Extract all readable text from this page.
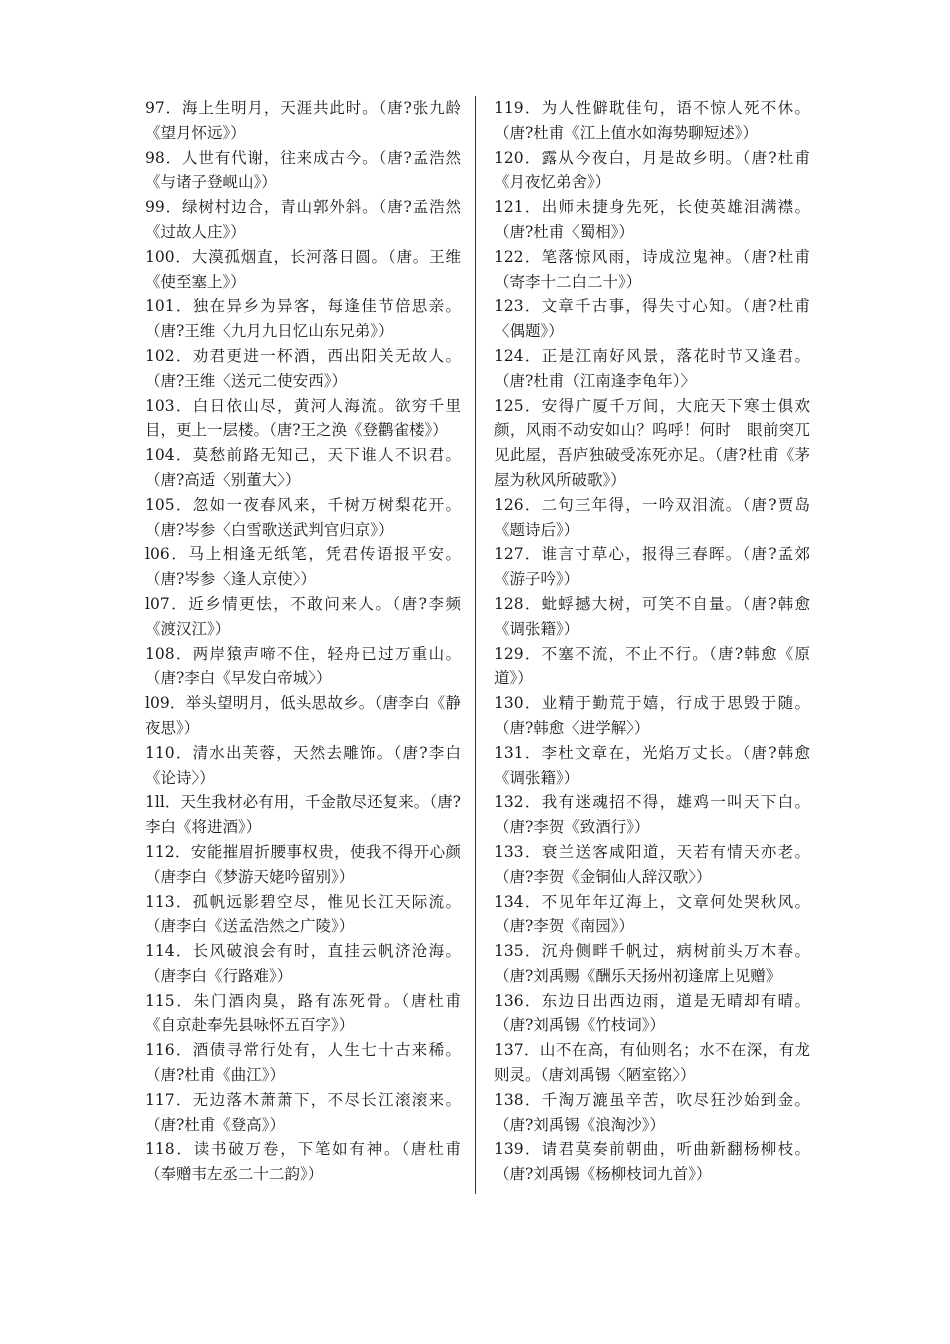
97．海上生明月，天涯共此时。（唐?张九龄《望月怀远》）

98．人世有代谢，往来成古今。（唐?孟浩然《与诸子登岘山》）

99．绿树村边合，青山郭外斜。（唐?孟浩然《过故人庄》）

100．大漠孤烟直，长河落日圆。（唐。王维《使至塞上》）

101．独在异乡为异客，每逢佳节倍思亲。（唐?王维〈九月九日忆山东兄弟》）

102．劝君更进一杯酒，西出阳关无故人。（唐?王维〈送元二使安西》）

103．白日依山尽，黄河人海流。欲穷千里目，更上一层楼。（唐?王之涣《登鹳雀楼》）

104．莫愁前路无知己，天下谁人不识君。（唐?高适〈别董大〉）

105．忽如一夜春风来，千树万树梨花开。（唐?岑参〈白雪歌送武判官归京》）

l06．马上相逢无纸笔，凭君传语报平安。（唐?岑参〈逢人京使〉）

l07．近乡情更怯，不敢问来人。（唐?李频《渡汉江》）

108．两岸猿声啼不住，轻舟已过万重山。（唐?李白《早发白帝城〉）

l09．举头望明月，低头思故乡。（唐李白《静夜思》）

110．清水出芙蓉，天然去雕饰。（唐?李白《论诗〉）

1ll．天生我材必有用，千金散尽还复来。（唐?李白《将进酒》）

112．安能摧眉折腰事权贵，使我不得开心颜（唐李白《梦游天姥吟留别》）

113．孤帆远影碧空尽，惟见长江天际流。（唐李白《送孟浩然之广陵》）

114．长风破浪会有时，直挂云帆济沧海。（唐李白《行路难》）

115．朱门酒肉臭，路有冻死骨。（唐杜甫《自京赴奉先县咏怀五百字》）

116．酒债寻常行处有，人生七十古来稀。（唐?杜甫《曲江》）

117．无边落木萧萧下，不尽长江滚滚来。（唐?杜甫《登高》）

118．读书破万卷，下笔如有神。（唐杜甫（奉赠韦左丞二十二韵》）

119．为人性僻耽佳句，语不惊人死不休。（唐?杜甫《江上值水如海势聊短述》）

120．露从今夜白，月是故乡明。（唐?杜甫《月夜忆弟舍》）

121．出师未捷身先死，长使英雄泪满襟。（唐?杜甫〈蜀相》）

122．笔落惊风雨，诗成泣鬼神。（唐?杜甫（寄李十二白二十》）

123．文章千古事，得失寸心知。（唐?杜甫〈偶题》）

124．正是江南好风景，落花时节又逢君。（唐?杜甫（江南逢李龟年）〉

125．安得广厦千万间，大庇天下寒士俱欢颜，风雨不动安如山？呜呼！何时　眼前突兀见此屋，吾庐独破受冻死亦足。（唐?杜甫《茅屋为秋风所破歌》）

126．二句三年得，一吟双泪流。（唐?贾岛《题诗后》）

127．谁言寸草心，报得三春晖。（唐?孟郊《游子吟》）

128．蚍蜉撼大树，可笑不自量。（唐?韩愈《调张籍》）

129．不塞不流，不止不行。（唐?韩愈《原道》）

130．业精于勤荒于嬉，行成于思毁于随。（唐?韩愈〈进学解〉）

131．李杜文章在，光焰万丈长。（唐?韩愈《调张籍》）

132．我有迷魂招不得，雄鸡一叫天下白。（唐?李贺《致酒行》）

133．衰兰送客咸阳道，天若有情天亦老。（唐?李贺《金铜仙人辞汉歌〉）

134．不见年年辽海上，文章何处哭秋风。（唐?李贺《南园》）

135．沉舟侧畔千帆过，病树前头万木春。（唐?刘禹赐《酬乐天扬州初逢席上见赠》

136．东边日出西边雨，道是无晴却有晴。（唐?刘禹锡《竹枝词》）

137．山不在高，有仙则名；水不在深，有龙则灵。（唐刘禹锡〈陋室铭〉）

138．千淘万漉虽辛苦，吹尽狂沙始到金。（唐?刘禹锡《浪淘沙》）

139．请君莫奏前朝曲，听曲新翻杨柳枝。（唐?刘禹锡《杨柳枝词九首》）
